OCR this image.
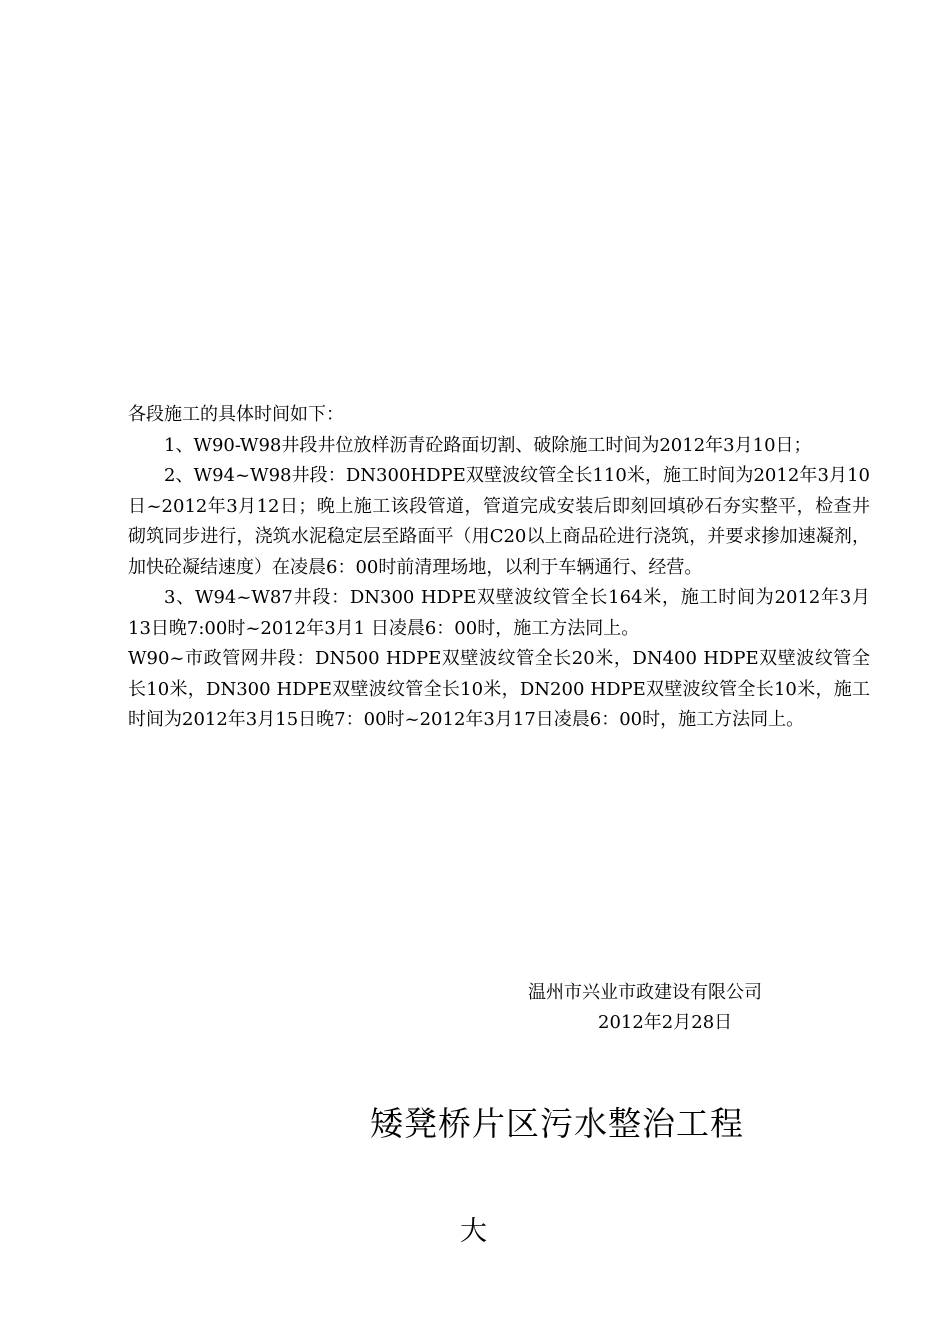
各段施工的具体时间如下：

1、W90-W98井段井位放样沥青砼路面切割、破除施工时间为2012年3月10日；

2、W94~W98井段：DN300HDPE双壁波纹管全长110米，施工时间为2012年3月10日~2012年3月12日；晚上施工该段管道，管道完成安装后即刻回填砂石夯实整平，检查井砌筑同步进行，浇筑水泥稳定层至路面平（用C20以上商品砼进行浇筑，并要求掺加速凝剂，加快砼凝结速度）在凌晨6：00时前清理场地，以利于车辆通行、经营。

3、W94~W87井段：DN300 HDPE双壁波纹管全长164米，施工时间为2012年3月13日晚7:00时~2012年3月1 日凌晨6：00时，施工方法同上。

W90~市政管网井段：DN500 HDPE双壁波纹管全长20米，DN400 HDPE双壁波纹管全长10米，DN300 HDPE双壁波纹管全长10米，DN200 HDPE双壁波纹管全长10米，施工时间为2012年3月15日晚7：00时~2012年3月17日凌晨6：00时，施工方法同上。

温州市兴业市政建设有限公司
2012年2月28日
矮凳桥片区污水整治工程
大
